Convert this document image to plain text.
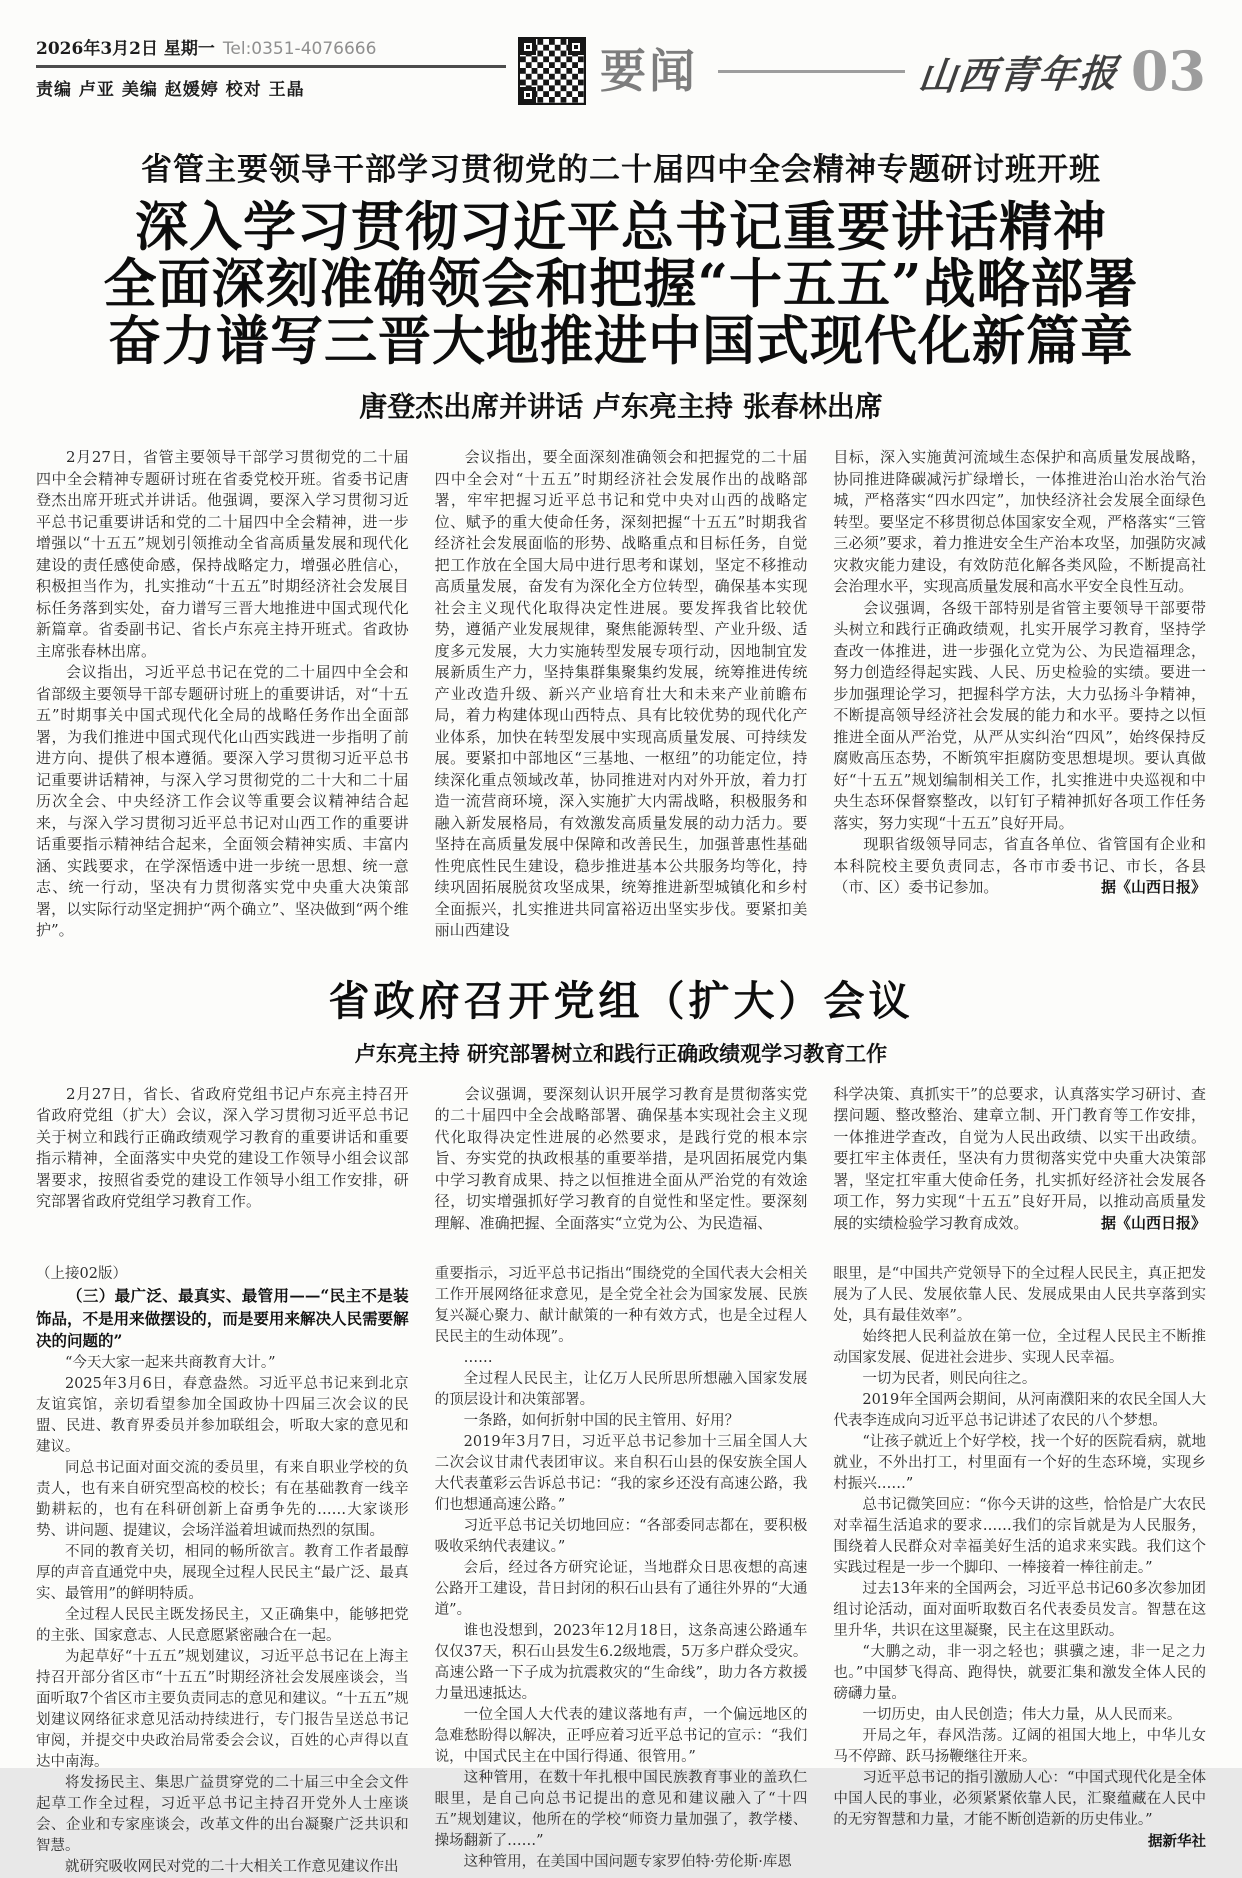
2026年3月2日 星期一 Tel:0351-4076666
责编 卢亚 美编 赵媛婷 校对 王晶	要闻	山西青年报 03
省管主要领导干部学习贯彻党的二十届四中全会精神专题研讨班开班
深入学习贯彻习近平总书记重要讲话精神
全面深刻准确领会和把握“十五五”战略部署
奋力谱写三晋大地推进中国式现代化新篇章
唐登杰出席并讲话 卢东亮主持 张春林出席

2月27日，省管主要领导干部学习贯彻党的二十届四中全会精神专题研讨班在省委党校开班。省委书记唐登杰出席开班式并讲话。他强调，要深入学习贯彻习近平总书记重要讲话和党的二十届四中全会精神，进一步增强以“十五五”规划引领推动全省高质量发展和现代化建设的责任感使命感，保持战略定力，增强必胜信心，积极担当作为，扎实推动“十五五”时期经济社会发展目标任务落到实处，奋力谱写三晋大地推进中国式现代化新篇章。省委副书记、省长卢东亮主持开班式。省政协主席张春林出席。

会议指出，习近平总书记在党的二十届四中全会和省部级主要领导干部专题研讨班上的重要讲话，对“十五五”时期事关中国式现代化全局的战略任务作出全面部署，为我们推进中国式现代化山西实践进一步指明了前进方向、提供了根本遵循。要深入学习贯彻习近平总书记重要讲话精神，与深入学习贯彻党的二十大和二十届历次全会、中央经济工作会议等重要会议精神结合起来，与深入学习贯彻习近平总书记对山西工作的重要讲话重要指示精神结合起来，全面领会精神实质、丰富内涵、实践要求，在学深悟透中进一步统一思想、统一意志、统一行动，坚决有力贯彻落实党中央重大决策部署，以实际行动坚定拥护“两个确立”、坚决做到“两个维护”。

会议指出，要全面深刻准确领会和把握党的二十届四中全会对“十五五”时期经济社会发展作出的战略部署，牢牢把握习近平总书记和党中央对山西的战略定位、赋予的重大使命任务，深刻把握“十五五”时期我省经济社会发展面临的形势、战略重点和目标任务，自觉把工作放在全国大局中进行思考和谋划，坚定不移推动高质量发展，奋发有为深化全方位转型，确保基本实现社会主义现代化取得决定性进展。要发挥我省比较优势，遵循产业发展规律，聚焦能源转型、产业升级、适度多元发展，大力实施转型发展专项行动，因地制宜发展新质生产力，坚持集群集聚集约发展，统筹推进传统产业改造升级、新兴产业培育壮大和未来产业前瞻布局，着力构建体现山西特点、具有比较优势的现代化产业体系，加快在转型发展中实现高质量发展、可持续发展。要紧扣中部地区“三基地、一枢纽”的功能定位，持续深化重点领域改革，协同推进对内对外开放，着力打造一流营商环境，深入实施扩大内需战略，积极服务和融入新发展格局，有效激发高质量发展的动力活力。要坚持在高质量发展中保障和改善民生，加强普惠性基础性兜底性民生建设，稳步推进基本公共服务均等化，持续巩固拓展脱贫攻坚成果，统筹推进新型城镇化和乡村全面振兴，扎实推进共同富裕迈出坚实步伐。要紧扣美丽山西建设

目标，深入实施黄河流域生态保护和高质量发展战略，协同推进降碳减污扩绿增长，一体推进治山治水治气治城，严格落实“四水四定”，加快经济社会发展全面绿色转型。要坚定不移贯彻总体国家安全观，严格落实“三管三必须”要求，着力推进安全生产治本攻坚，加强防灾减灾救灾能力建设，有效防范化解各类风险，不断提高社会治理水平，实现高质量发展和高水平安全良性互动。

会议强调，各级干部特别是省管主要领导干部要带头树立和践行正确政绩观，扎实开展学习教育，坚持学查改一体推进，进一步强化立党为公、为民造福理念，努力创造经得起实践、人民、历史检验的实绩。要进一步加强理论学习，把握科学方法，大力弘扬斗争精神，不断提高领导经济社会发展的能力和水平。要持之以恒推进全面从严治党，从严从实纠治“四风”，始终保持反腐败高压态势，不断筑牢拒腐防变思想堤坝。要认真做好“十五五”规划编制相关工作，扎实推进中央巡视和中央生态环保督察整改，以钉钉子精神抓好各项工作任务落实，努力实现“十五五”良好开局。

现职省级领导同志，省直各单位、省管国有企业和本科院校主要负责同志，各市市委书记、市长，各县（市、区）委书记参加。	据《山西日报》

省政府召开党组（扩大）会议
卢东亮主持 研究部署树立和践行正确政绩观学习教育工作

2月27日，省长、省政府党组书记卢东亮主持召开省政府党组（扩大）会议，深入学习贯彻习近平总书记关于树立和践行正确政绩观学习教育的重要讲话和重要指示精神，全面落实中央党的建设工作领导小组会议部署要求，按照省委党的建设工作领导小组工作安排，研究部署省政府党组学习教育工作。

会议强调，要深刻认识开展学习教育是贯彻落实党的二十届四中全会战略部署、确保基本实现社会主义现代化取得决定性进展的必然要求，是践行党的根本宗旨、夯实党的执政根基的重要举措，是巩固拓展党内集中学习教育成果、持之以恒推进全面从严治党的有效途径，切实增强抓好学习教育的自觉性和坚定性。要深刻理解、准确把握、全面落实“立党为公、为民造福、

科学决策、真抓实干”的总要求，认真落实学习研讨、查摆问题、整改整治、建章立制、开门教育等工作安排，一体推进学查改，自觉为人民出政绩、以实干出政绩。要扛牢主体责任，坚决有力贯彻落实党中央重大决策部署，坚定扛牢重大使命任务，扎实抓好经济社会发展各项工作，努力实现“十五五”良好开局，以推动高质量发展的实绩检验学习教育成效。	据《山西日报》

（上接02版）

（三）最广泛、最真实、最管用——“民主不是装饰品，不是用来做摆设的，而是要用来解决人民需要解决的问题的”

“今天大家一起来共商教育大计。”

2025年3月6日，春意盎然。习近平总书记来到北京友谊宾馆，亲切看望参加全国政协十四届三次会议的民盟、民进、教育界委员并参加联组会，听取大家的意见和建议。

同总书记面对面交流的委员里，有来自职业学校的负责人，也有来自研究型高校的校长；有在基础教育一线辛勤耕耘的，也有在科研创新上奋勇争先的……大家谈形势、讲问题、提建议，会场洋溢着坦诚而热烈的氛围。

不同的教育关切，相同的畅所欲言。教育工作者最醇厚的声音直通党中央，展现全过程人民民主“最广泛、最真实、最管用”的鲜明特质。

全过程人民民主既发扬民主，又正确集中，能够把党的主张、国家意志、人民意愿紧密融合在一起。

为起草好“十五五”规划建议，习近平总书记在上海主持召开部分省区市“十五五”时期经济社会发展座谈会，当面听取7个省区市主要负责同志的意见和建议。“十五五”规划建议网络征求意见活动持续进行，专门报告呈送总书记审阅，并提交中央政治局常委会会议，百姓的心声得以直达中南海。

将发扬民主、集思广益贯穿党的二十届三中全会文件起草工作全过程，习近平总书记主持召开党外人士座谈会、企业和专家座谈会，改革文件的出台凝聚广泛共识和智慧。

就研究吸收网民对党的二十大相关工作意见建议作出

重要指示，习近平总书记指出“围绕党的全国代表大会相关工作开展网络征求意见，是全党全社会为国家发展、民族复兴凝心聚力、献计献策的一种有效方式，也是全过程人民民主的生动体现”。

……

全过程人民民主，让亿万人民所思所想融入国家发展的顶层设计和决策部署。

一条路，如何折射中国的民主管用、好用？

2019年3月7日，习近平总书记参加十三届全国人大二次会议甘肃代表团审议。来自积石山县的保安族全国人大代表董彩云告诉总书记：“我的家乡还没有高速公路，我们也想通高速公路。”

习近平总书记关切地回应：“各部委同志都在，要积极吸收采纳代表建议。”

会后，经过各方研究论证，当地群众日思夜想的高速公路开工建设，昔日封闭的积石山县有了通往外界的“大通道”。

谁也没想到，2023年12月18日，这条高速公路通车仅仅37天，积石山县发生6.2级地震，5万多户群众受灾。高速公路一下子成为抗震救灾的“生命线”，助力各方救援力量迅速抵达。

一位全国人大代表的建议落地有声，一个偏远地区的急难愁盼得以解决，正呼应着习近平总书记的宣示：“我们说，中国式民主在中国行得通、很管用。”

这种管用，在数十年扎根中国民族教育事业的盖玖仁眼里，是自己向总书记提出的意见和建议融入了“十四五”规划建议，他所在的学校“师资力量加强了，教学楼、操场翻新了……”

这种管用，在美国中国问题专家罗伯特·劳伦斯·库恩

眼里，是“中国共产党领导下的全过程人民民主，真正把发展为了人民、发展依靠人民、发展成果由人民共享落到实处，具有最佳效率”。

始终把人民利益放在第一位，全过程人民民主不断推动国家发展、促进社会进步、实现人民幸福。

一切为民者，则民向往之。

2019年全国两会期间，从河南濮阳来的农民全国人大代表李连成向习近平总书记讲述了农民的八个梦想。

“让孩子就近上个好学校，找一个好的医院看病，就地就业，不外出打工，村里面有一个好的生态环境，实现乡村振兴……”

总书记微笑回应：“你今天讲的这些，恰恰是广大农民对幸福生活追求的要求……我们的宗旨就是为人民服务，围绕着人民群众对幸福美好生活的追求来实践。我们这个实践过程是一步一个脚印、一棒接着一棒往前走。”

过去13年来的全国两会，习近平总书记60多次参加团组讨论活动，面对面听取数百名代表委员发言。智慧在这里升华，共识在这里凝聚，民主在这里跃动。

“大鹏之动，非一羽之轻也；骐骥之速，非一足之力也。”中国梦飞得高、跑得快，就要汇集和激发全体人民的磅礴力量。

一切历史，由人民创造；伟大力量，从人民而来。

开局之年，春风浩荡。辽阔的祖国大地上，中华儿女马不停蹄、跃马扬鞭继往开来。

习近平总书记的指引激励人心：“中国式现代化是全体中国人民的事业，必须紧紧依靠人民，汇聚蕴藏在人民中的无穷智慧和力量，才能不断创造新的历史伟业。”

据新华社
